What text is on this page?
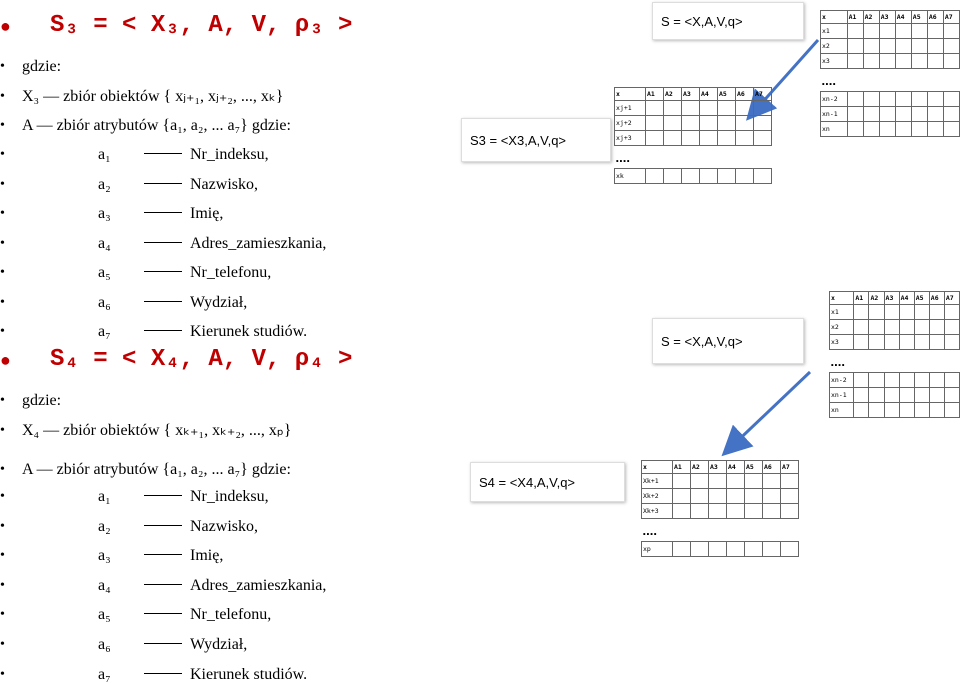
● S₃ = < X₃, A, V, ρ₃ >
• gdzie:
• X₃ — zbiór obiektów { xⱼ₊₁, xⱼ₊₂, ..., xₖ}
• A — zbiór atrybutów {a₁, a₂, ... a₇} gdzie:
•	a₁	Nr_indeksu,
•	a₂	Nazwisko,
•	a₃	Imię,
•	a₄	Adres_zamieszkania,
•	a₅	Nr_telefonu,
•	a₆	Wydział,
•	a₇	Kierunek studiów.
● S₄ = < X₄, A, V, ρ₄ >
• gdzie:
• X₄ — zbiór obiektów { xₖ₊₁, xₖ₊₂, ..., xₚ}
• A — zbiór atrybutów {a₁, a₂, ... a₇} gdzie:
•	a₁	Nr_indeksu,
•	a₂	Nazwisko,
•	a₃	Imię,
•	a₄	Adres_zamieszkania,
•	a₅	Nr_telefonu,
•	a₆	Wydział,
•	a₇	Kierunek studiów.
S = <X,A,V,q>
S3 = <X3,A,V,q>
S = <X,A,V,q>
S4 = <X4,A,V,q>
x	A1	A2	A3	A4	A5	A6	A7
x1							
x2							
x3							
....							
xn-2							
xn-1							
xn							
x	A1	A2	A3	A4	A5	A6	A7
xj+1							
xj+2							
xj+3							
....							
xk							
x	A1	A2	A3	A4	A5	A6	A7
x1							
x2							
x3							
....							
xn-2							
xn-1							
xn							
x	A1	A2	A3	A4	A5	A6	A7
Xk+1							
Xk+2							
Xk+3							
....							
xp							
